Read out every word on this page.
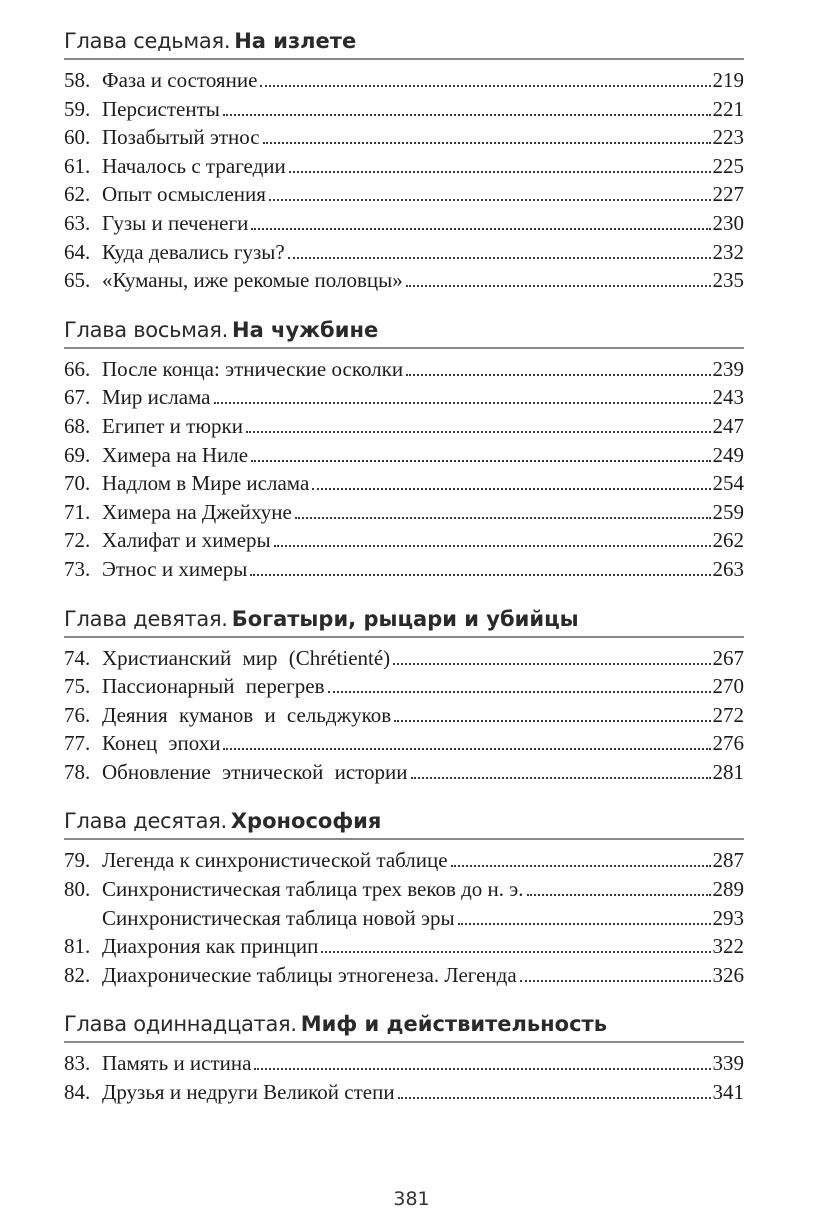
Глава седьмая. На излете
58. Фаза и состояние	219
59. Персистенты	221
60. Позабытый этнос	223
61. Началось с трагедии	225
62. Опыт осмысления	227
63. Гузы и печенеги	230
64. Куда девались гузы?	232
65. «Куманы, иже рекомые половцы»	235
Глава восьмая. На чужбине
66. После конца: этнические осколки	239
67. Мир ислама	243
68. Египет и тюрки	247
69. Химера на Ниле	249
70. Надлом в Мире ислама	254
71. Химера на Джейхуне	259
72. Халифат и химеры	262
73. Этнос и химеры	263
Глава девятая. Богатыри, рыцари и убийцы
74. Христианский мир (Chrétienté)	267
75. Пассионарный перегрев	270
76. Деяния куманов и сельджуков	272
77. Конец эпохи	276
78. Обновление этнической истории	281
Глава десятая. Хронософия
79. Легенда к синхронистической таблице	287
80. Синхронистическая таблица трех веков до н. э.	289
Синхронистическая таблица новой эры	293
81. Диахрония как принцип	322
82. Диахронические таблицы этногенеза. Легенда	326
Глава одиннадцатая. Миф и действительность
83. Память и истина	339
84. Друзья и недруги Великой степи	341
381
